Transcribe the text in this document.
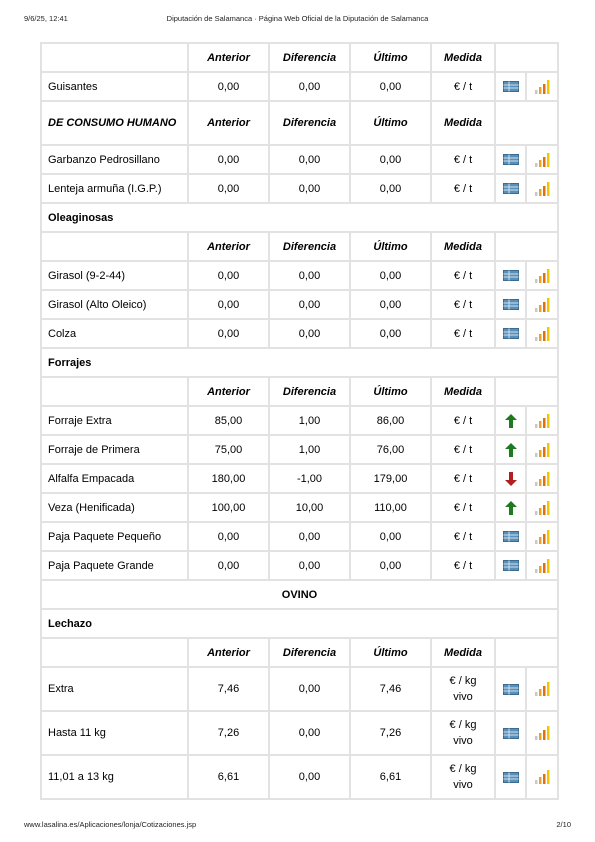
9/6/25, 12:41	Diputación de Salamanca · Página Web Oficial de la Diputación de Salamanca
	Anterior	Diferencia	Último	Medida		
Guisantes	0,00	0,00	0,00	€ / t		
DE CONSUMO HUMANO	Anterior	Diferencia	Último	Medida		
Garbanzo Pedrosillano	0,00	0,00	0,00	€ / t		
Lenteja armuña (I.G.P.)	0,00	0,00	0,00	€ / t		
Oleaginosas						
	Anterior	Diferencia	Último	Medida		
Girasol (9-2-44)	0,00	0,00	0,00	€ / t		
Girasol (Alto Oleico)	0,00	0,00	0,00	€ / t		
Colza	0,00	0,00	0,00	€ / t		
Forrajes						
	Anterior	Diferencia	Último	Medida		
Forraje Extra	85,00	1,00	86,00	€ / t		
Forraje de Primera	75,00	1,00	76,00	€ / t		
Alfalfa Empacada	180,00	-1,00	179,00	€ / t		
Veza (Henificada)	100,00	10,00	110,00	€ / t		
Paja Paquete Pequeño	0,00	0,00	0,00	€ / t		
Paja Paquete Grande	0,00	0,00	0,00	€ / t		
OVINO						
Lechazo						
	Anterior	Diferencia	Último	Medida		
Extra	7,46	0,00	7,46	€ / kg
vivo		
Hasta 11 kg	7,26	0,00	7,26	€ / kg
vivo		
11,01 a 13 kg	6,61	0,00	6,61	€ / kg
vivo		
www.lasalina.es/Aplicaciones/lonja/Cotizaciones.jsp	2/10
